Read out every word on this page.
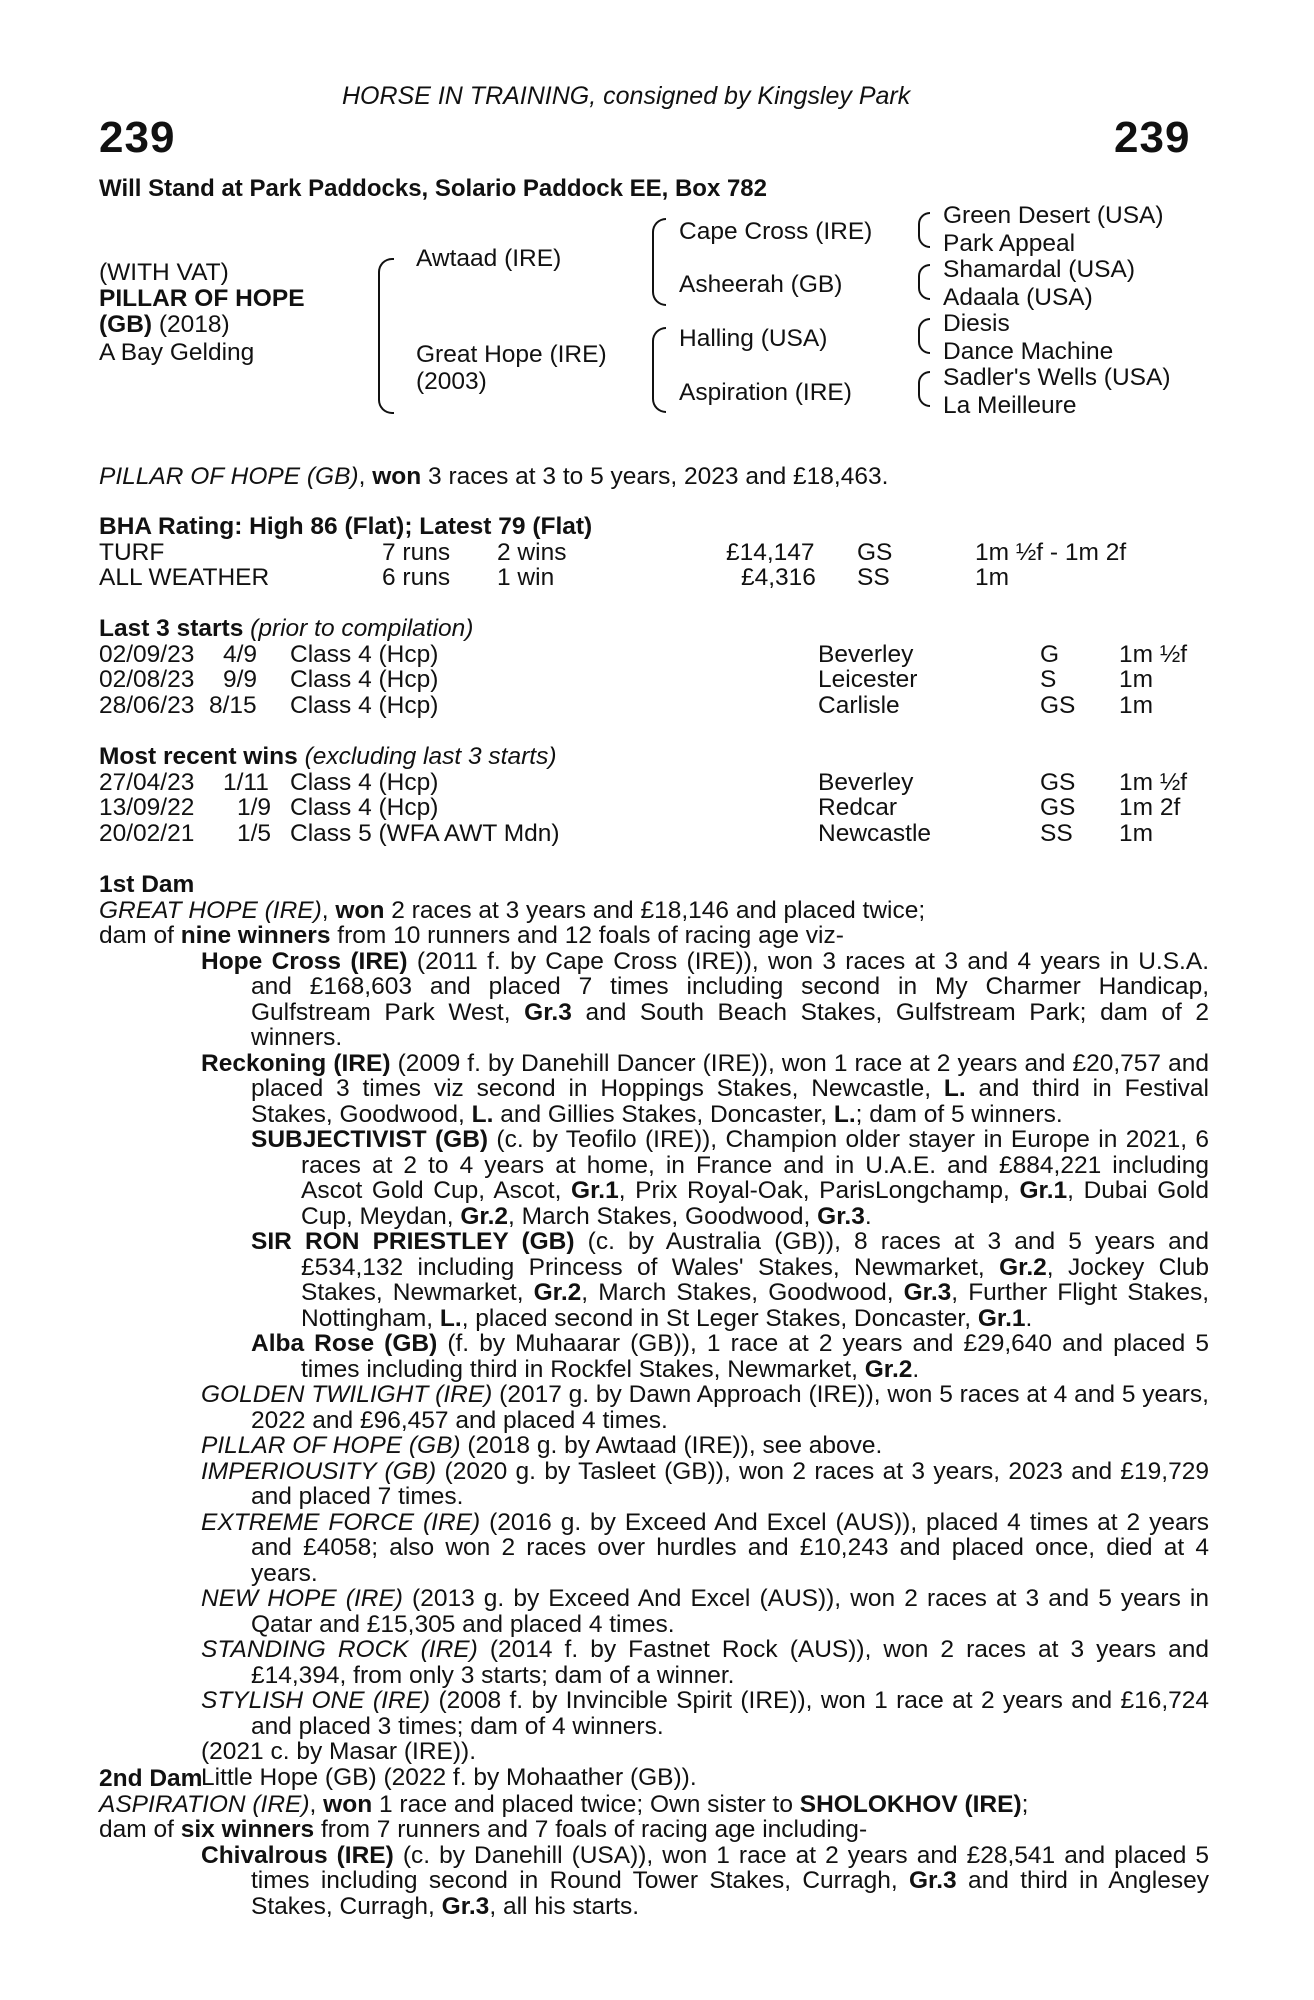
HORSE IN TRAINING, consigned by Kingsley Park
239	239
Will Stand at Park Paddocks, Solario Paddock EE, Box 782
(WITH VAT)
PILLAR OF HOPE
(GB) (2018)
A Bay Gelding
Awtaad (IRE)
Great Hope (IRE)
(2003)
Cape Cross (IRE)
Asheerah (GB)
Halling (USA)
Aspiration (IRE)
Green Desert (USA)
Park Appeal
Shamardal (USA)
Adaala (USA)
Diesis
Dance Machine
Sadler's Wells (USA)
La Meilleure
PILLAR OF HOPE (GB), won 3 races at 3 to 5 years, 2023 and £18,463.
BHA Rating: High 86 (Flat); Latest 79 (Flat)
TURF	7 runs 2 wins	£14,147 GS	1m ½f - 1m 2f
ALL WEATHER	6 runs 1 win	£4,316 SS	1m
Last 3 starts (prior to compilation)
02/09/23 4/9 Class 4 (Hcp)	Beverley	G 1m ½f
02/08/23 9/9 Class 4 (Hcp)	Leicester	S	1m
28/06/23 8/15 Class 4 (Hcp)	Carlisle	GS 1m
Most recent wins (excluding last 3 starts)
27/04/23 1/11 Class 4 (Hcp)	Beverley	GS 1m ½f
13/09/22 1/9 Class 4 (Hcp)	Redcar	GS 1m 2f
20/02/21 1/5 Class 5 (WFA AWT Mdn)	Newcastle	SS 1m

1st Dam

GREAT HOPE (IRE), won 2 races at 3 years and £18,146 and placed twice;

dam of nine winners from 10 runners and 12 foals of racing age viz-

Hope Cross (IRE) (2011 f. by Cape Cross (IRE)), won 3 races at 3 and 4 years in U.S.A. and £168,603 and placed 7 times including second in My Charmer Handicap, Gulfstream Park West, Gr.3 and South Beach Stakes, Gulfstream Park; dam of 2 winners.

Reckoning (IRE) (2009 f. by Danehill Dancer (IRE)), won 1 race at 2 years and £20,757 and placed 3 times viz second in Hoppings Stakes, Newcastle, L. and third in Festival Stakes, Goodwood, L. and Gillies Stakes, Doncaster, L.; dam of 5 winners.

SUBJECTIVIST (GB) (c. by Teofilo (IRE)), Champion older stayer in Europe in 2021, 6 races at 2 to 4 years at home, in France and in U.A.E. and £884,221 including Ascot Gold Cup, Ascot, Gr.1, Prix Royal-Oak, ParisLongchamp, Gr.1, Dubai Gold Cup, Meydan, Gr.2, March Stakes, Goodwood, Gr.3.

SIR RON PRIESTLEY (GB) (c. by Australia (GB)), 8 races at 3 and 5 years and £534,132 including Princess of Wales' Stakes, Newmarket, Gr.2, Jockey Club Stakes, Newmarket, Gr.2, March Stakes, Goodwood, Gr.3, Further Flight Stakes, Nottingham, L., placed second in St Leger Stakes, Doncaster, Gr.1.

Alba Rose (GB) (f. by Muhaarar (GB)), 1 race at 2 years and £29,640 and placed 5 times including third in Rockfel Stakes, Newmarket, Gr.2.

GOLDEN TWILIGHT (IRE) (2017 g. by Dawn Approach (IRE)), won 5 races at 4 and 5 years, 2022 and £96,457 and placed 4 times.

PILLAR OF HOPE (GB) (2018 g. by Awtaad (IRE)), see above.

IMPERIOUSITY (GB) (2020 g. by Tasleet (GB)), won 2 races at 3 years, 2023 and £19,729 and placed 7 times.

EXTREME FORCE (IRE) (2016 g. by Exceed And Excel (AUS)), placed 4 times at 2 years and £4058; also won 2 races over hurdles and £10,243 and placed once, died at 4 years.

NEW HOPE (IRE) (2013 g. by Exceed And Excel (AUS)), won 2 races at 3 and 5 years in Qatar and £15,305 and placed 4 times.

STANDING ROCK (IRE) (2014 f. by Fastnet Rock (AUS)), won 2 races at 3 years and £14,394, from only 3 starts; dam of a winner.

STYLISH ONE (IRE) (2008 f. by Invincible Spirit (IRE)), won 1 race at 2 years and £16,724 and placed 3 times; dam of 4 winners.

(2021 c. by Masar (IRE)).

Little Hope (GB) (2022 f. by Mohaather (GB)).

2nd Dam

ASPIRATION (IRE), won 1 race and placed twice; Own sister to SHOLOKHOV (IRE);

dam of six winners from 7 runners and 7 foals of racing age including-

Chivalrous (IRE) (c. by Danehill (USA)), won 1 race at 2 years and £28,541 and placed 5 times including second in Round Tower Stakes, Curragh, Gr.3 and third in Anglesey Stakes, Curragh, Gr.3, all his starts.
